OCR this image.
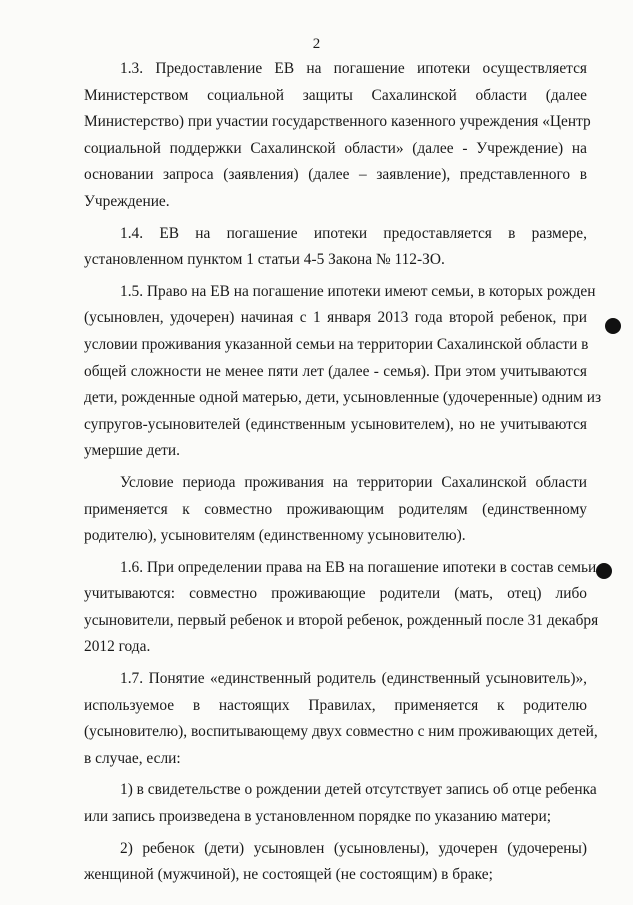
2

1.3. Предоставление ЕВ на погашение ипотеки осуществляется
Министерством социальной защиты Сахалинской области (далее
Министерство) при участии государственного казенного учреждения «Центр
социальной поддержки Сахалинской области» (далее - Учреждение) на
основании запроса (заявления) (далее – заявление), представленного в
Учреждение.

1.4. ЕВ на погашение ипотеки предоставляется в размере,
установленном пунктом 1 статьи 4-5 Закона № 112-ЗО.

1.5. Право на ЕВ на погашение ипотеки имеют семьи, в которых рожден
(усыновлен, удочерен) начиная с 1 января 2013 года второй ребенок, при
условии проживания указанной семьи на территории Сахалинской области в
общей сложности не менее пяти лет (далее - семья). При этом учитываются
дети, рожденные одной матерью, дети, усыновленные (удочеренные) одним из
супругов-усыновителей (единственным усыновителем), но не учитываются
умершие дети.

Условие периода проживания на территории Сахалинской области
применяется к совместно проживающим родителям (единственному
родителю), усыновителям (единственному усыновителю).

1.6. При определении права на ЕВ на погашение ипотеки в состав семьи
учитываются: совместно проживающие родители (мать, отец) либо
усыновители, первый ребенок и второй ребенок, рожденный после 31 декабря
2012 года.

1.7. Понятие «единственный родитель (единственный усыновитель)»,
используемое в настоящих Правилах, применяется к родителю
(усыновителю), воспитывающему двух совместно с ним проживающих детей,
в случае, если:

1) в свидетельстве о рождении детей отсутствует запись об отце ребенка
или запись произведена в установленном порядке по указанию матери;

2) ребенок (дети) усыновлен (усыновлены), удочерен (удочерены)
женщиной (мужчиной), не состоящей (не состоящим) в браке;
